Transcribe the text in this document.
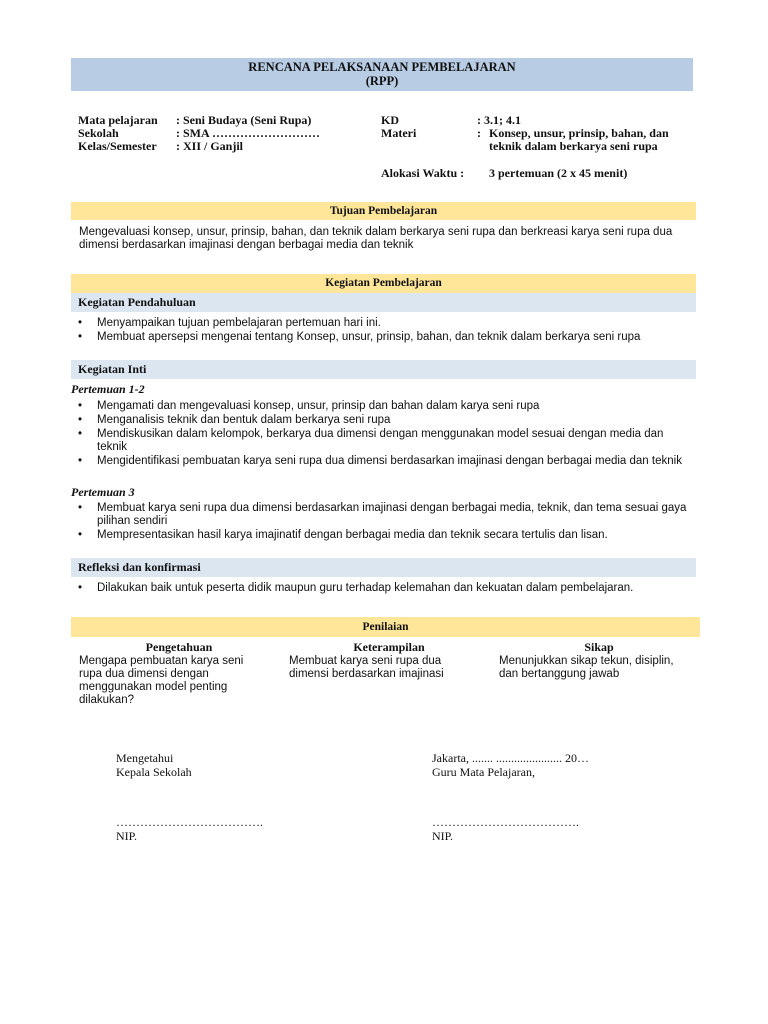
RENCANA PELAKSANAAN PEMBELAJARAN
(RPP)
Mata pelajaran : Seni Budaya (Seni Rupa)
Sekolah	: SMA ………………………
Kelas/Semester : XII / Ganjil
KD	: 3.1; 4.1
Materi	: Konsep, unsur, prinsip, bahan, dan teknik dalam berkarya seni rupa
Alokasi Waktu : 3 pertemuan (2 x 45 menit)
Tujuan Pembelajaran
Mengevaluasi konsep, unsur, prinsip, bahan, dan teknik dalam berkarya seni rupa dan berkreasi karya seni rupa dua dimensi berdasarkan imajinasi dengan berbagai media dan teknik
Kegiatan Pembelajaran
Kegiatan Pendahuluan
• Menyampaikan tujuan pembelajaran pertemuan hari ini.
• Membuat apersepsi mengenai tentang Konsep, unsur, prinsip, bahan, dan teknik dalam berkarya seni rupa
Kegiatan Inti
Pertemuan 1-2
• Mengamati dan mengevaluasi konsep, unsur, prinsip dan bahan dalam karya seni rupa
• Menganalisis teknik dan bentuk dalam berkarya seni rupa
• Mendiskusikan dalam kelompok, berkarya dua dimensi dengan menggunakan model sesuai dengan media dan teknik
• Mengidentifikasi pembuatan karya seni rupa dua dimensi berdasarkan imajinasi dengan berbagai media dan teknik
Pertemuan 3
• Membuat karya seni rupa dua dimensi berdasarkan imajinasi dengan berbagai media, teknik, dan tema sesuai gaya pilihan sendiri
• Mempresentasikan hasil karya imajinatif dengan berbagai media dan teknik secara tertulis dan lisan.
Refleksi dan konfirmasi
• Dilakukan baik untuk peserta didik maupun guru terhadap kelemahan dan kekuatan dalam pembelajaran.
Penilaian
Pengetahuan
Mengapa pembuatan karya seni rupa dua dimensi dengan menggunakan model penting dilakukan?
Keterampilan
Membuat karya seni rupa dua dimensi berdasarkan imajinasi
Sikap
Menunjukkan sikap tekun, disiplin, dan bertanggung jawab
Mengetahui
Kepala Sekolah
……………………………….
NIP.
Jakarta, ....... ...................... 20…
Guru Mata Pelajaran,
……………………………….
NIP.
